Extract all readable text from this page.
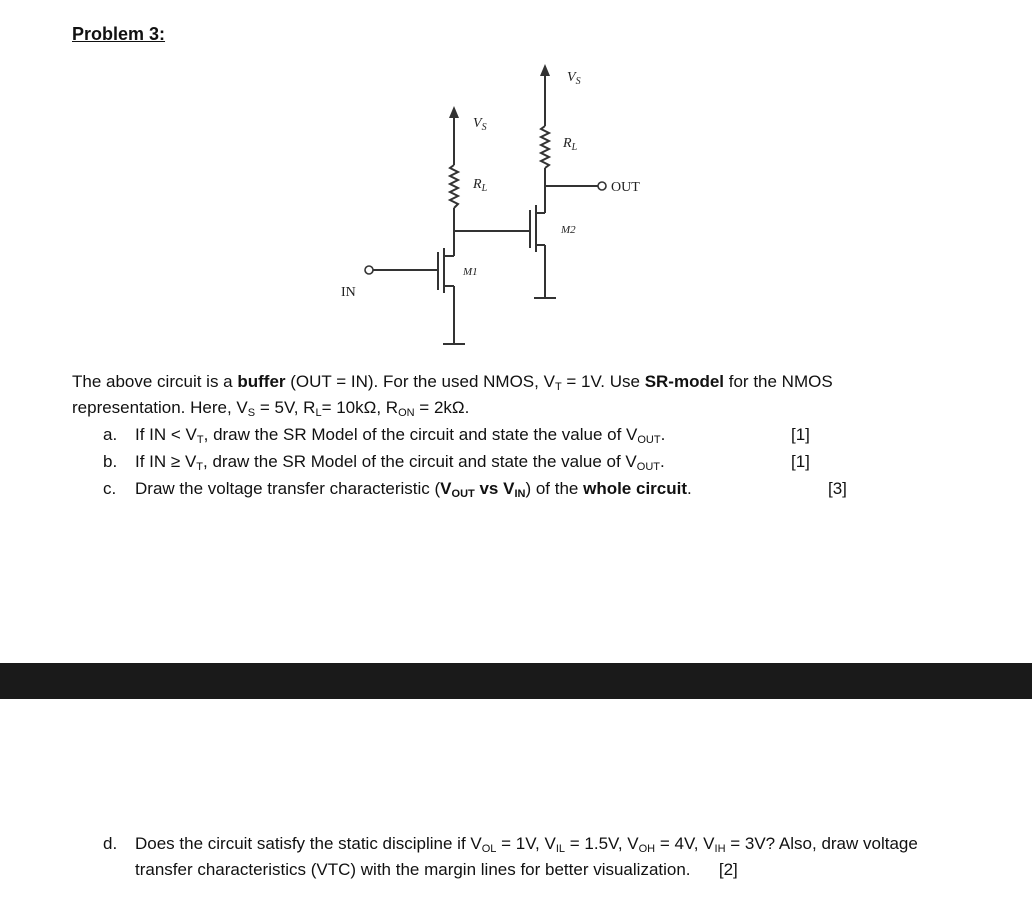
Problem 3:
$V_S$
$R_L$
$V_S$
$R_L$
M1
M2
IN
OUT
The above circuit is a buffer (OUT = IN). For the used NMOS, $V_T = 1V$. Use SR-model for the NMOS representation. Here, $V_S = 5V$, $R_L= 10k\Omega$, $R_{ON} = 2k\Omega$.
a. If IN < $V_T$, draw the SR Model of the circuit and state the value of $V_{OUT}$.	[1]
b. If IN ≥ $V_T$, draw the SR Model of the circuit and state the value of $V_{OUT}$.	[1]
c. Draw the voltage transfer characteristic ($V_{OUT}$ vs $V_{IN}$) of the whole circuit.	[3]
d. Does the circuit satisfy the static discipline if $V_{OL} = 1V$, $V_{IL} = 1.5V$, $V_{OH} = 4V$, $V_{IH} = 3V$? Also, draw voltage transfer characteristics (VTC) with the margin lines for better visualization. [2]
